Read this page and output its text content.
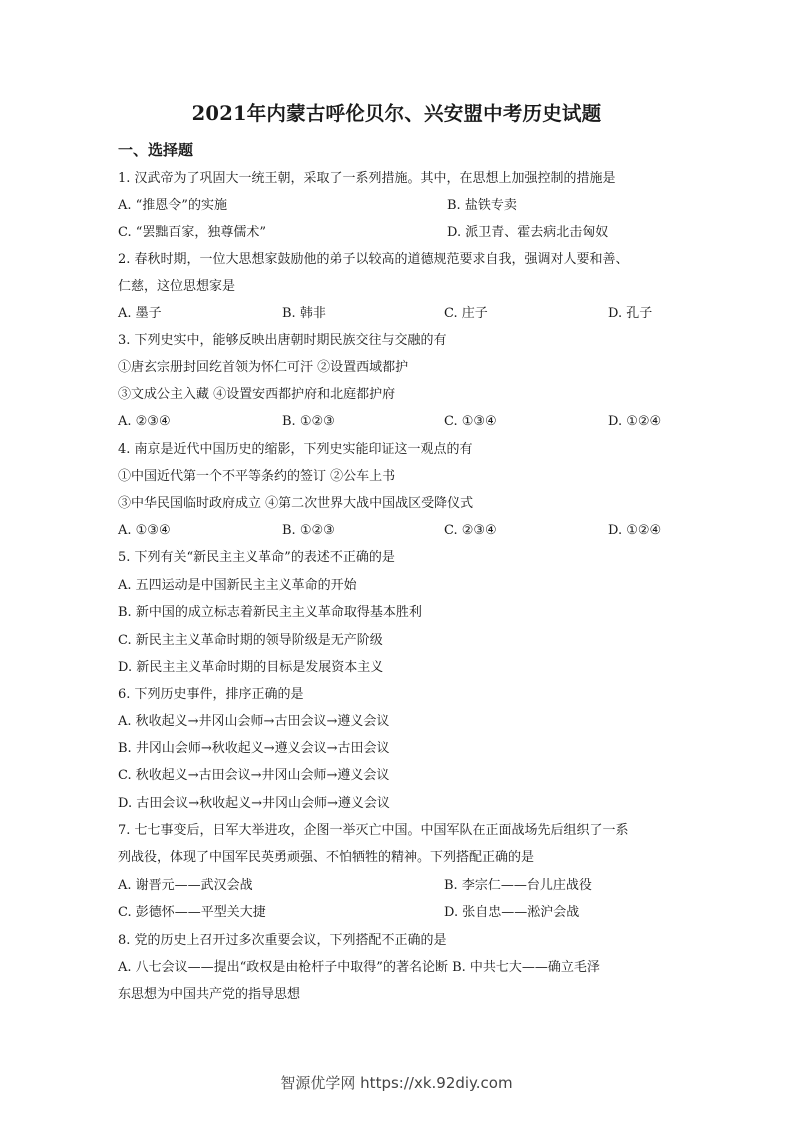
2021年内蒙古呼伦贝尔、兴安盟中考历史试题
一、选择题
1. 汉武帝为了巩固大一统王朝，采取了一系列措施。其中，在思想上加强控制的措施是
A. “推恩令”的实施	B. 盐铁专卖
C. “罢黜百家，独尊儒术”	D. 派卫青、霍去病北击匈奴
2. 春秋时期，一位大思想家鼓励他的弟子以较高的道德规范要求自我，强调对人要和善、
仁慈，这位思想家是
A. 墨子	B. 韩非	C. 庄子	D. 孔子
3. 下列史实中，能够反映出唐朝时期民族交往与交融的有
①唐玄宗册封回纥首领为怀仁可汗 ②设置西域都护
③文成公主入藏 ④设置安西都护府和北庭都护府
A. ②③④	B. ①②③	C. ①③④	D. ①②④
4. 南京是近代中国历史的缩影，下列史实能印证这一观点的有
①中国近代第一个不平等条约的签订 ②公车上书
③中华民国临时政府成立 ④第二次世界大战中国战区受降仪式
A. ①③④	B. ①②③	C. ②③④	D. ①②④
5. 下列有关“新民主主义革命”的表述不正确的是
A. 五四运动是中国新民主主义革命的开始
B. 新中国的成立标志着新民主主义革命取得基本胜利
C. 新民主主义革命时期的领导阶级是无产阶级
D. 新民主主义革命时期的目标是发展资本主义
6. 下列历史事件，排序正确的是
A. 秋收起义→井冈山会师→古田会议→遵义会议
B. 井冈山会师→秋收起义→遵义会议→古田会议
C. 秋收起义→古田会议→井冈山会师→遵义会议
D. 古田会议→秋收起义→井冈山会师→遵义会议
7. 七七事变后，日军大举进攻，企图一举灭亡中国。中国军队在正面战场先后组织了一系
列战役，体现了中国军民英勇顽强、不怕牺牲的精神。下列搭配正确的是
A. 谢晋元——武汉会战	B. 李宗仁——台儿庄战役
C. 彭德怀——平型关大捷	D. 张自忠——淞沪会战
8. 党的历史上召开过多次重要会议，下列搭配不正确的是
A. 八七会议——提出“政权是由枪杆子中取得”的著名论断 B. 中共七大——确立毛泽
东思想为中国共产党的指导思想
智源优学网 https://xk.92diy.com
